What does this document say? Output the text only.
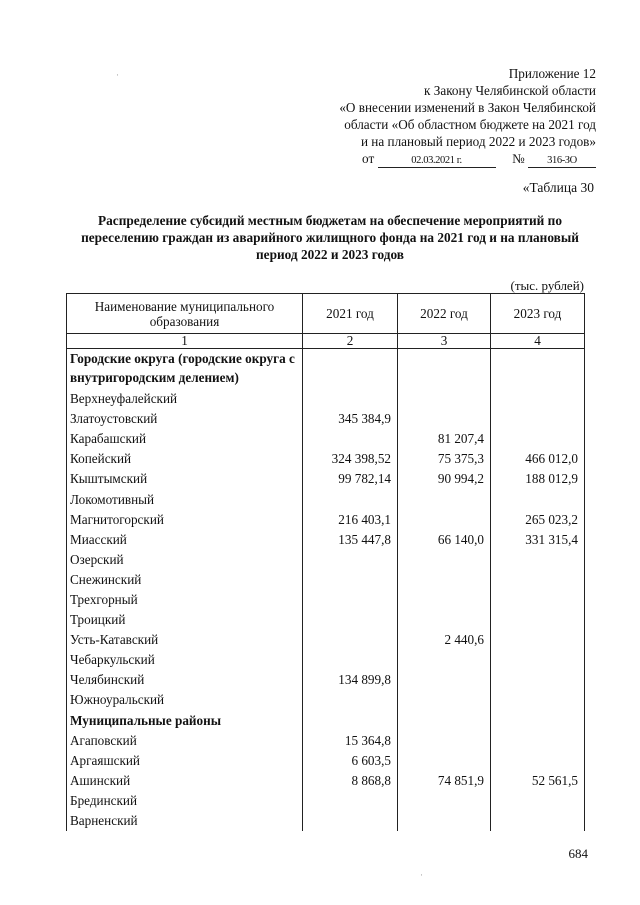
Приложение 12
к Закону Челябинской области
«О внесении изменений в Закон Челябинской
области «Об областном бюджете на 2021 год
и на плановый период 2022 и 2023 годов»
от	02.03.2021 г.	№ 316-ЗО
«Таблица 30
Распределение субсидий местным бюджетам на обеспечение мероприятий по переселению граждан из аварийного жилищного фонда на 2021 год и на плановый период 2022 и 2023 годов
(тыс. рублей)
Наименование муниципального образования	2021 год	2022 год	2023 год
1	2	3	4
Городские округа (городские округа с внутригородским делением)			
Верхнеуфалейский			
Златоустовский	345 384,9		
Карабашский		81 207,4	
Копейский	324 398,52	75 375,3	466 012,0
Кыштымский	99 782,14	90 994,2	188 012,9
Локомотивный			
Магнитогорский	216 403,1		265 023,2
Миасский	135 447,8	66 140,0	331 315,4
Озерский			
Снежинский			
Трехгорный			
Троицкий			
Усть-Катавский		2 440,6	
Чебаркульский			
Челябинский	134 899,8		
Южноуральский			
Муниципальные районы			
Агаповский	15 364,8		
Аргаяшский	6 603,5		
Ашинский	8 868,8	74 851,9	52 561,5
Брединский			
Варненский			
684
·
·
